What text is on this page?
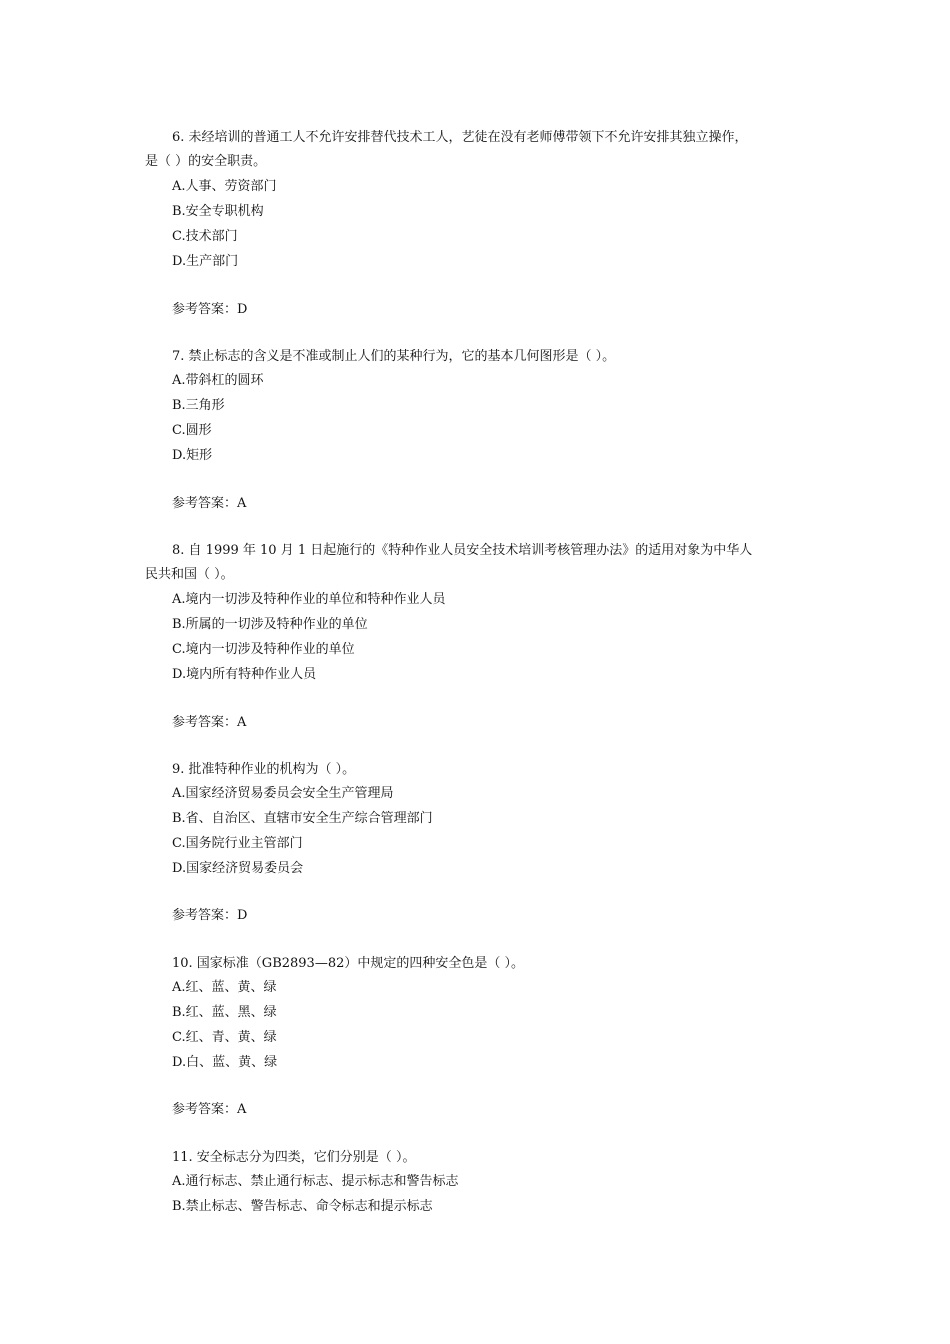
6. 未经培训的普通工人不允许安排替代技术工人，艺徒在没有老师傅带领下不允许安排其独立操作，
是（ ）的安全职责。
A.人事、劳资部门
B.安全专职机构
C.技术部门
D.生产部门
参考答案：D
7. 禁止标志的含义是不准或制止人们的某种行为，它的基本几何图形是（ ）。
A.带斜杠的圆环
B.三角形
C.圆形
D.矩形
参考答案：A
8. 自 1999 年 10 月 1 日起施行的《特种作业人员安全技术培训考核管理办法》的适用对象为中华人
民共和国（ ）。
A.境内一切涉及特种作业的单位和特种作业人员
B.所属的一切涉及特种作业的单位
C.境内一切涉及特种作业的单位
D.境内所有特种作业人员
参考答案：A
9. 批准特种作业的机构为（ ）。
A.国家经济贸易委员会安全生产管理局
B.省、自治区、直辖市安全生产综合管理部门
C.国务院行业主管部门
D.国家经济贸易委员会
参考答案：D
10. 国家标准（GB2893—82）中规定的四种安全色是（ ）。
A.红、蓝、黄、绿
B.红、蓝、黑、绿
C.红、青、黄、绿
D.白、蓝、黄、绿
参考答案：A
11. 安全标志分为四类，它们分别是（ ）。
A.通行标志、禁止通行标志、提示标志和警告标志
B.禁止标志、警告标志、命令标志和提示标志
